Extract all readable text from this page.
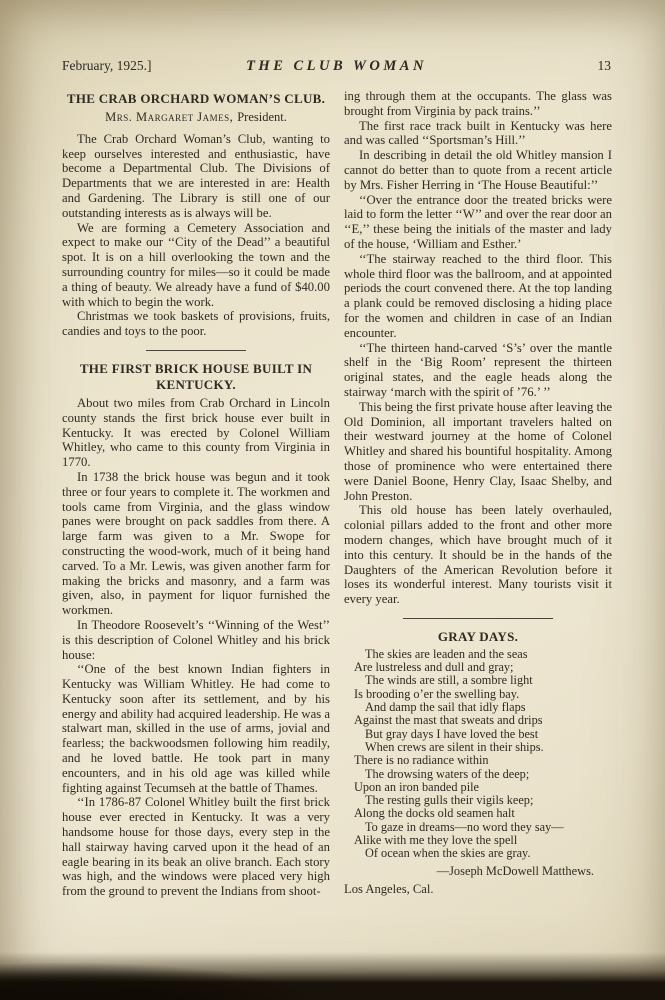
February, 1925.]	THE CLUB WOMAN	13
THE CRAB ORCHARD WOMAN’S CLUB.
Mrs. Margaret James, President.

The Crab Orchard Woman’s Club, wanting to keep ourselves interested and enthusiastic, have become a Departmental Club. The Divisions of Departments that we are interested in are: Health and Gardening. The Library is still one of our outstanding interests as is always will be.

We are forming a Cemetery Association and expect to make our ‘‘City of the Dead’’ a beautiful spot. It is on a hill overlooking the town and the surrounding country for miles—so it could be made a thing of beauty. We already have a fund of $40.00 with which to begin the work.

Christmas we took baskets of provisions, fruits, candies and toys to the poor.

THE FIRST BRICK HOUSE BUILT IN KENTUCKY.

About two miles from Crab Orchard in Lincoln county stands the first brick house ever built in Kentucky. It was erected by Colonel William Whitley, who came to this county from Virginia in 1770.

In 1738 the brick house was begun and it took three or four years to complete it. The workmen and tools came from Virginia, and the glass window panes were brought on pack saddles from there. A large farm was given to a Mr. Swope for constructing the wood-work, much of it being hand carved. To a Mr. Lewis, was given another farm for making the bricks and masonry, and a farm was given, also, in payment for liquor furnished the workmen.

In Theodore Roosevelt’s ‘‘Winning of the West’’ is this description of Colonel Whitley and his brick house:

‘‘One of the best known Indian fighters in Kentucky was William Whitley. He had come to Kentucky soon after its settlement, and by his energy and ability had acquired leadership. He was a stalwart man, skilled in the use of arms, jovial and fearless; the backwoodsmen following him readily, and he loved battle. He took part in many encounters, and in his old age was killed while fighting against Tecumseh at the battle of Thames.

‘‘In 1786-87 Colonel Whitley built the first brick house ever erected in Kentucky. It was a very handsome house for those days, every step in the hall stairway having carved upon it the head of an eagle bearing in its beak an olive branch. Each story was high, and the windows were placed very high from the ground to prevent the Indians from shoot-

ing through them at the occupants. The glass was brought from Virginia by pack trains.’’

The first race track built in Kentucky was here and was called ‘‘Sportsman’s Hill.’’

In describing in detail the old Whitley mansion I cannot do better than to quote from a recent article by Mrs. Fisher Herring in ‘The House Beautiful:’’

‘‘Over the entrance door the treated bricks were laid to form the letter ‘‘W’’ and over the rear door an ‘‘E,’’ these being the initials of the master and lady of the house, ‘William and Esther.’

‘‘The stairway reached to the third floor. This whole third floor was the ballroom, and at appointed periods the court convened there. At the top landing a plank could be removed disclosing a hiding place for the women and children in case of an Indian encounter.

‘‘The thirteen hand-carved ‘S’s’ over the mantle shelf in the ‘Big Room’ represent the thirteen original states, and the eagle heads along the stairway ‘march with the spirit of ’76.’ ’’

This being the first private house after leaving the Old Dominion, all important travelers halted on their westward journey at the home of Colonel Whitley and shared his bountiful hospitality. Among those of prominence who were entertained there were Daniel Boone, Henry Clay, Isaac Shelby, and John Preston.

This old house has been lately overhauled, colonial pillars added to the front and other more modern changes, which have brought much of it into this century. It should be in the hands of the Daughters of the American Revolution before it loses its wonderful interest. Many tourists visit it every year.

GRAY DAYS.
The skies are leaden and the seas
Are lustreless and dull and gray;
The winds are still, a sombre light
Is brooding o’er the swelling bay.
And damp the sail that idly flaps
Against the mast that sweats and drips
But gray days I have loved the best
When crews are silent in their ships.
There is no radiance within
The drowsing waters of the deep;
Upon an iron banded pile
The resting gulls their vigils keep;
Along the docks old seamen halt
To gaze in dreams—no word they say—
Alike with me they love the spell
Of ocean when the skies are gray.
—Joseph McDowell Matthews.
Los Angeles, Cal.
